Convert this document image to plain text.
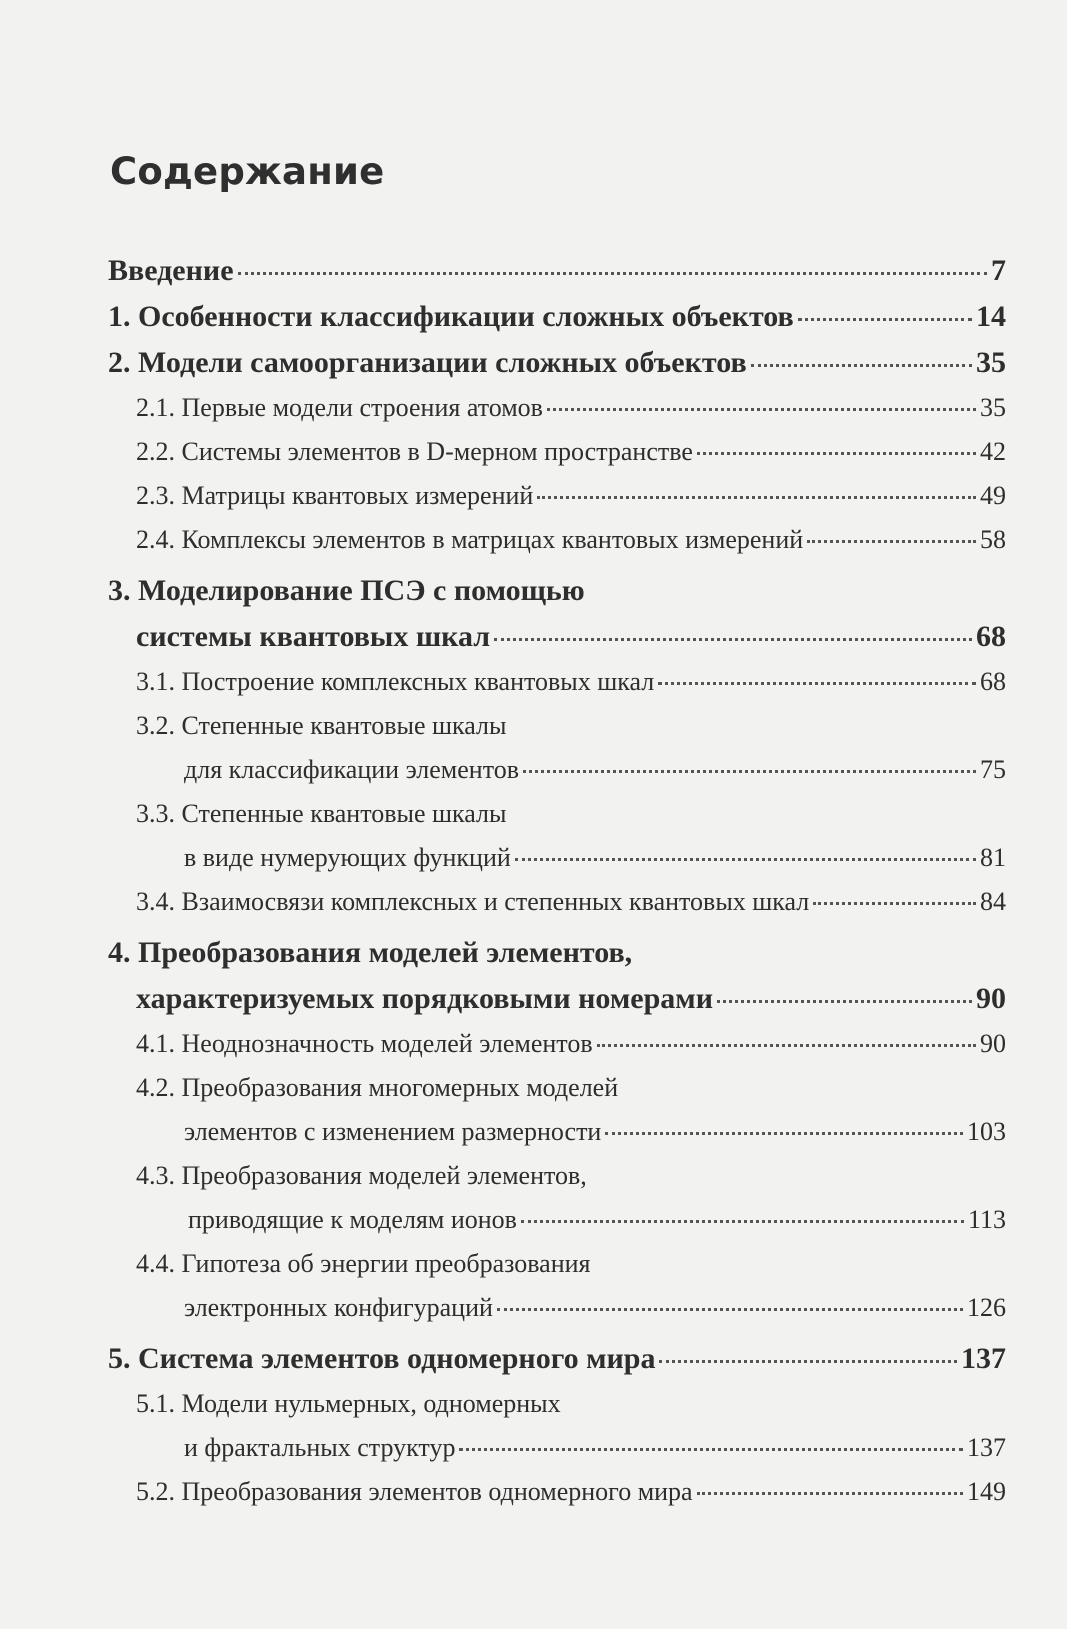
Содержание
Введение	7
1. Особенности классификации сложных объектов	14
2. Модели самоорганизации сложных объектов	35
2.1. Первые модели строения атомов	35
2.2. Системы элементов в D-мерном пространстве	42
2.3. Матрицы квантовых измерений	49
2.4. Комплексы элементов в матрицах квантовых измерений	58
3. Моделирование ПСЭ с помощью
системы квантовых шкал	68
3.1. Построение комплексных квантовых шкал	68
3.2. Степенные квантовые шкалы
для классификации элементов	75
3.3. Степенные квантовые шкалы
в виде нумерующих функций	81
3.4. Взаимосвязи комплексных и степенных квантовых шкал	84
4. Преобразования моделей элементов,
характеризуемых порядковыми номерами	90
4.1. Неоднозначность моделей элементов	90
4.2. Преобразования многомерных моделей
элементов с изменением размерности	103
4.3. Преобразования моделей элементов,
приводящие к моделям ионов	113
4.4. Гипотеза об энергии преобразования
электронных конфигураций	126
5. Система элементов одномерного мира	137
5.1. Модели нульмерных, одномерных
и фрактальных структур	137
5.2. Преобразования элементов одномерного мира	149
